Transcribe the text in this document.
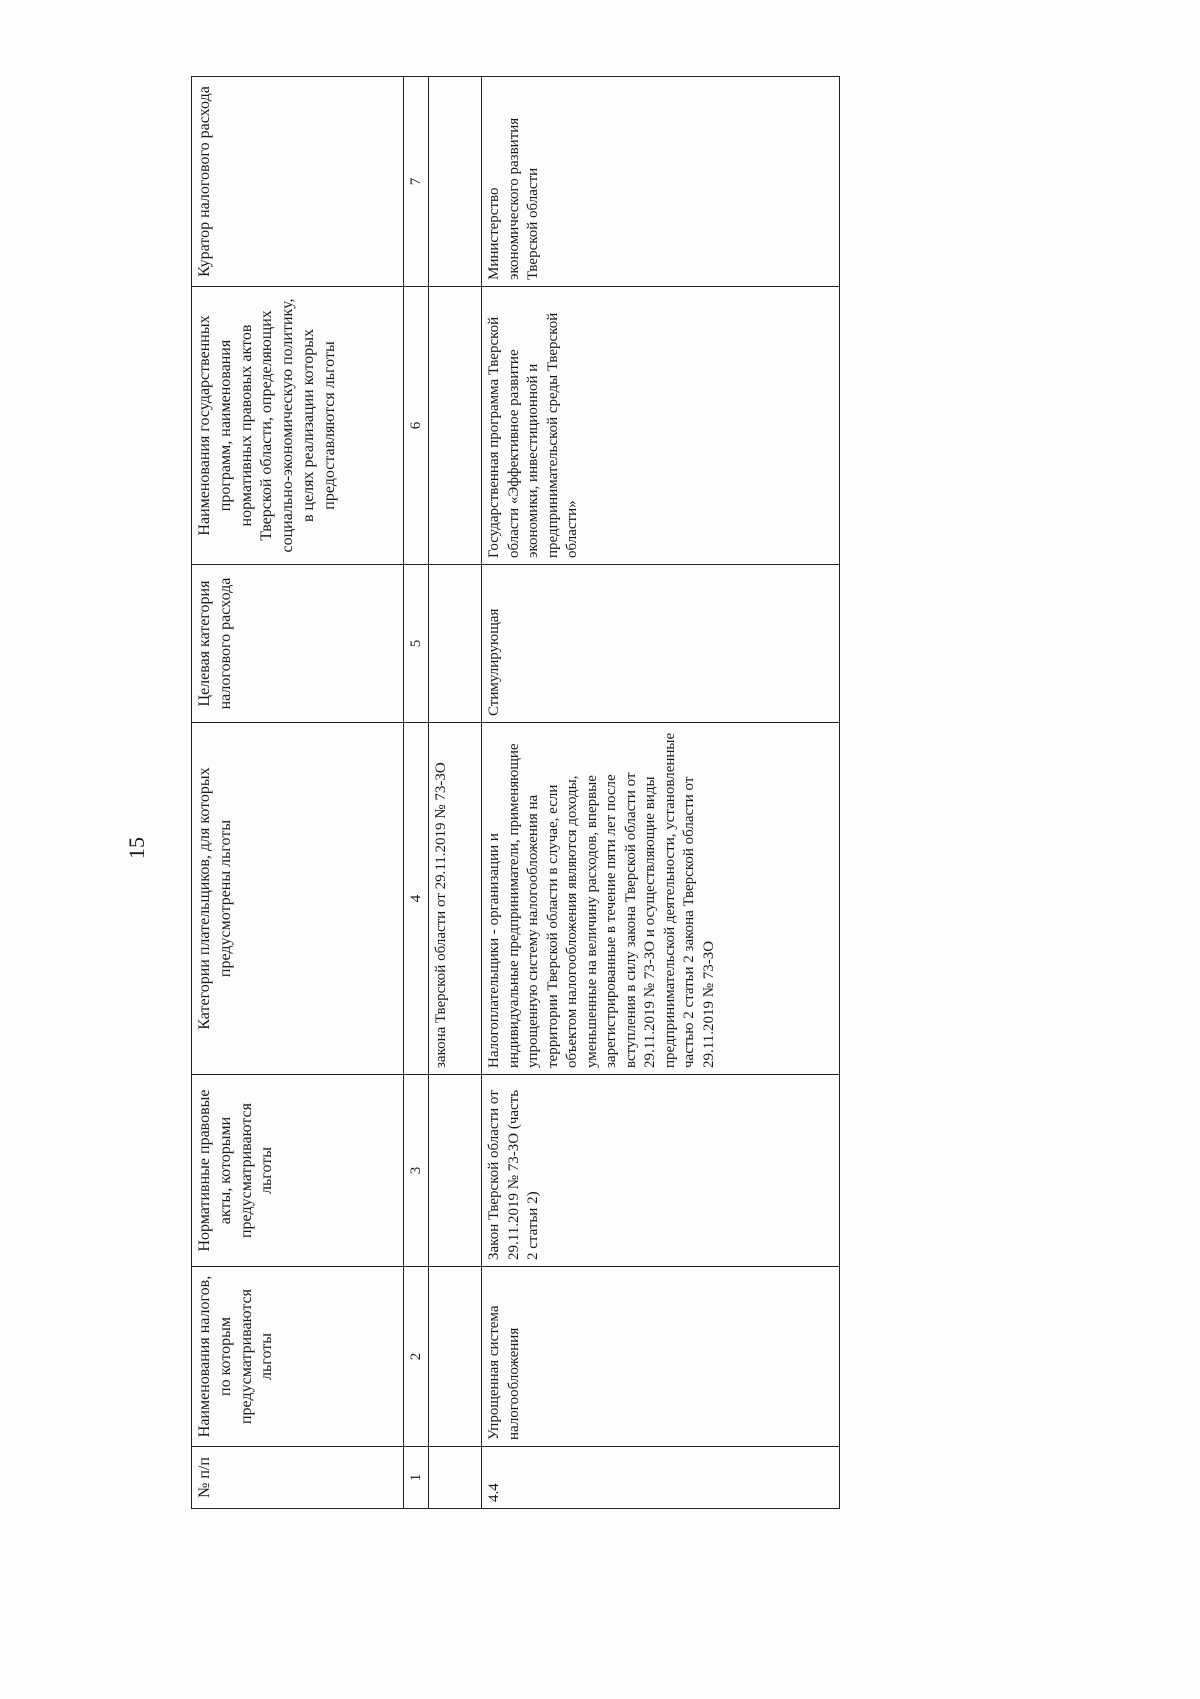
15
№ п/п	Наименования налогов, по которым предусматриваются льготы	Нормативные правовые акты, которыми предусматриваются льготы	Категории плательщиков, для которых предусмотрены льготы	Целевая категория налогового расхода	Наименования государственных программ, наименования нормативных правовых актов Тверской области, определяющих социально-экономическую политику, в целях реализации которых предоставляются льготы	Куратор налогового расхода

1	2	3	4	5	6	7
			закона Тверской области от 29.11.2019 № 73-ЗО			

4.4	Упрощенная система налогообложения	Закон Тверской области от 29.11.2019 № 73-ЗО (часть 2 статьи 2)	Налогоплательщики - организации и индивидуальные предприниматели, применяющие упрощенную систему налогообложения на территории Тверской области в случае, если объектом налогообложения являются доходы, уменьшенные на величину расходов, впервые зарегистрированные в течение пяти лет после вступления в силу закона Тверской области от 29.11.2019 № 73-ЗО и осуществляющие виды предпринимательской деятельности, установленные частью 2 статьи 2 закона Тверской области от 29.11.2019 № 73-ЗО	Стимулирующая	Государственная программа Тверской области «Эффективное развитие экономики, инвестиционной и предпринимательской среды Тверской области»	Министерство экономического развития Тверской области
